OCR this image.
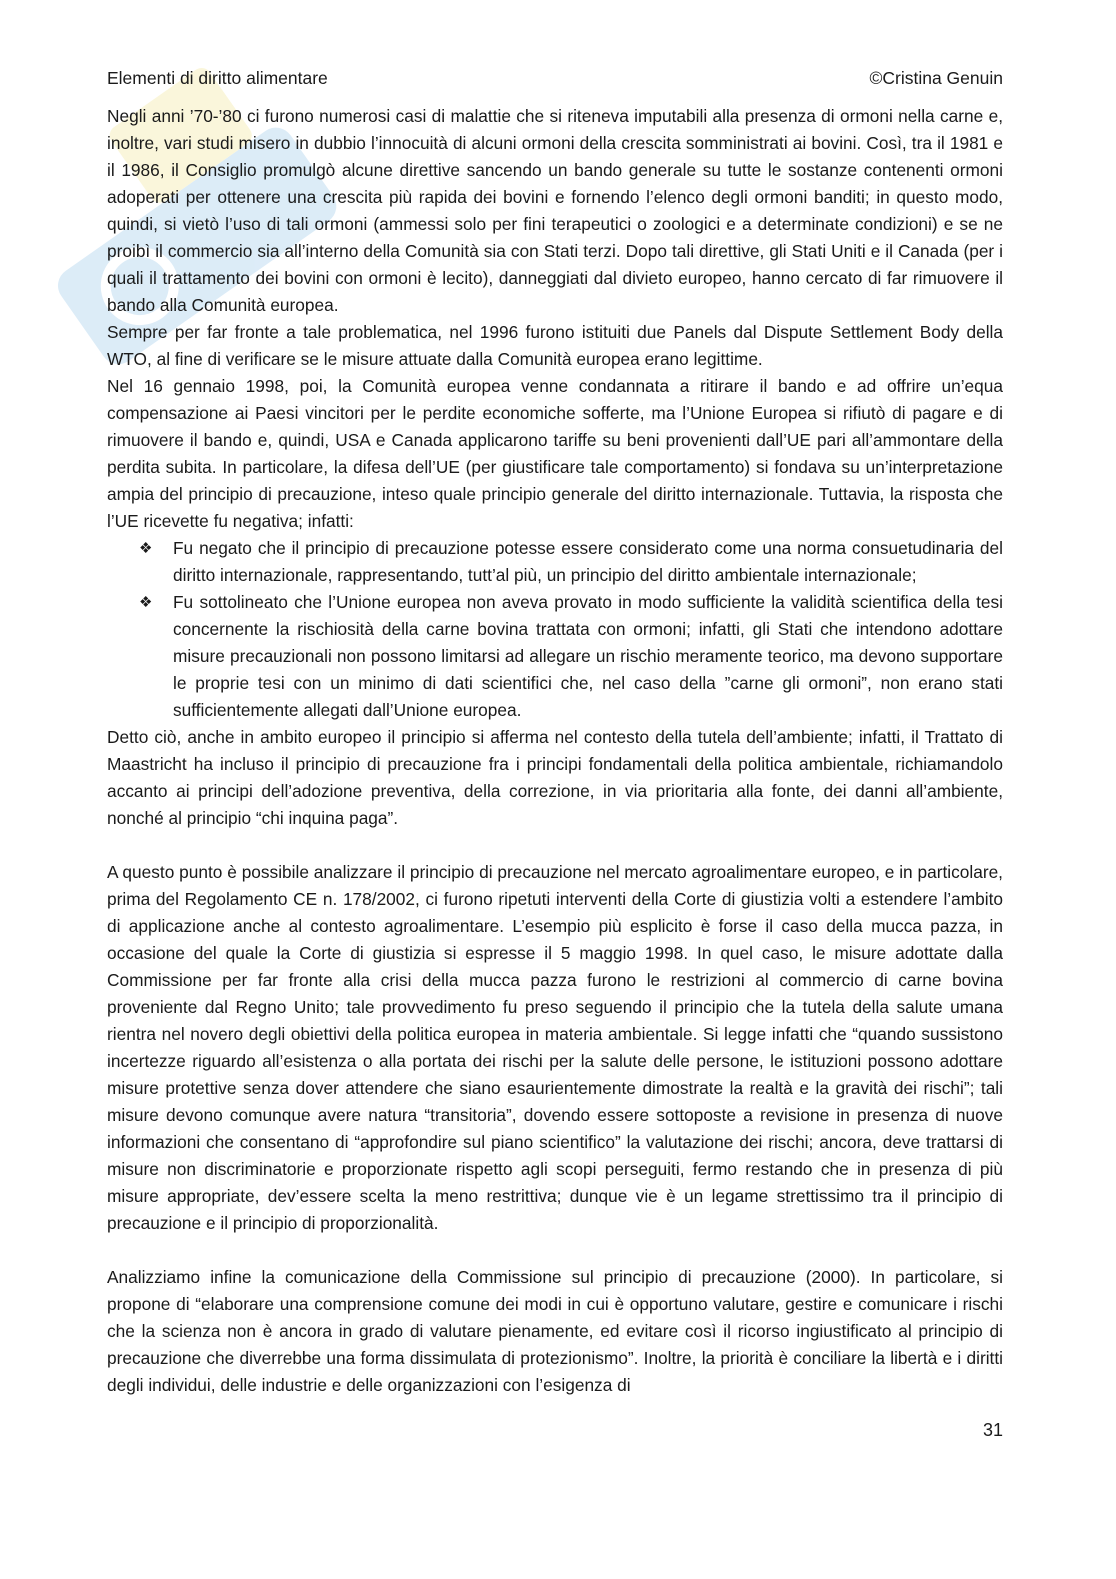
Elementi di diritto alimentare	©Cristina Genuin

Negli anni ’70-’80 ci furono numerosi casi di malattie che si riteneva imputabili alla presenza di ormoni nella carne e, inoltre, vari studi misero in dubbio l’innocuità di alcuni ormoni della crescita somministrati ai bovini. Così, tra il 1981 e il 1986, il Consiglio promulgò alcune direttive sancendo un bando generale su tutte le sostanze contenenti ormoni adoperati per ottenere una crescita più rapida dei bovini e fornendo l’elenco degli ormoni banditi; in questo modo, quindi, si vietò l’uso di tali ormoni (ammessi solo per fini terapeutici o zoologici e a determinate condizioni) e se ne proibì il commercio sia all’interno della Comunità sia con Stati terzi. Dopo tali direttive, gli Stati Uniti e il Canada (per i quali il trattamento dei bovini con ormoni è lecito), danneggiati dal divieto europeo, hanno cercato di far rimuovere il bando alla Comunità europea.

Sempre per far fronte a tale problematica, nel 1996 furono istituiti due Panels dal Dispute Settlement Body della WTO, al fine di verificare se le misure attuate dalla Comunità europea erano legittime.

Nel 16 gennaio 1998, poi, la Comunità europea venne condannata a ritirare il bando e ad offrire un’equa compensazione ai Paesi vincitori per le perdite economiche sofferte, ma l’Unione Europea si rifiutò di pagare e di rimuovere il bando e, quindi, USA e Canada applicarono tariffe su beni provenienti dall’UE pari all’ammontare della perdita subita. In particolare, la difesa dell’UE (per giustificare tale comportamento) si fondava su un’interpretazione ampia del principio di precauzione, inteso quale principio generale del diritto internazionale. Tuttavia, la risposta che l’UE ricevette fu negativa; infatti:

❖ Fu negato che il principio di precauzione potesse essere considerato come una norma consuetudinaria del diritto internazionale, rappresentando, tutt’al più, un principio del diritto ambientale internazionale;
❖ Fu sottolineato che l’Unione europea non aveva provato in modo sufficiente la validità scientifica della tesi concernente la rischiosità della carne bovina trattata con ormoni; infatti, gli Stati che intendono adottare misure precauzionali non possono limitarsi ad allegare un rischio meramente teorico, ma devono supportare le proprie tesi con un minimo di dati scientifici che, nel caso della ”carne gli ormoni”, non erano stati sufficientemente allegati dall’Unione europea.

Detto ciò, anche in ambito europeo il principio si afferma nel contesto della tutela dell’ambiente; infatti, il Trattato di Maastricht ha incluso il principio di precauzione fra i principi fondamentali della politica ambientale, richiamandolo accanto ai principi dell’adozione preventiva, della correzione, in via prioritaria alla fonte, dei danni all’ambiente, nonché al principio “chi inquina paga”.

A questo punto è possibile analizzare il principio di precauzione nel mercato agroalimentare europeo, e in particolare, prima del Regolamento CE n. 178/2002, ci furono ripetuti interventi della Corte di giustizia volti a estendere l’ambito di applicazione anche al contesto agroalimentare. L’esempio più esplicito è forse il caso della mucca pazza, in occasione del quale la Corte di giustizia si espresse il 5 maggio 1998. In quel caso, le misure adottate dalla Commissione per far fronte alla crisi della mucca pazza furono le restrizioni al commercio di carne bovina proveniente dal Regno Unito; tale provvedimento fu preso seguendo il principio che la tutela della salute umana rientra nel novero degli obiettivi della politica europea in materia ambientale. Si legge infatti che “quando sussistono incertezze riguardo all’esistenza o alla portata dei rischi per la salute delle persone, le istituzioni possono adottare misure protettive senza dover attendere che siano esaurientemente dimostrate la realtà e la gravità dei rischi”; tali misure devono comunque avere natura “transitoria”, dovendo essere sottoposte a revisione in presenza di nuove informazioni che consentano di “approfondire sul piano scientifico” la valutazione dei rischi; ancora, deve trattarsi di misure non discriminatorie e proporzionate rispetto agli scopi perseguiti, fermo restando che in presenza di più misure appropriate, dev’essere scelta la meno restrittiva; dunque vie è un legame strettissimo tra il principio di precauzione e il principio di proporzionalità.

Analizziamo infine la comunicazione della Commissione sul principio di precauzione (2000). In particolare, si propone di “elaborare una comprensione comune dei modi in cui è opportuno valutare, gestire e comunicare i rischi che la scienza non è ancora in grado di valutare pienamente, ed evitare così il ricorso ingiustificato al principio di precauzione che diverrebbe una forma dissimulata di protezionismo”. Inoltre, la priorità è conciliare la libertà e i diritti degli individui, delle industrie e delle organizzazioni con l’esigenza di

31
